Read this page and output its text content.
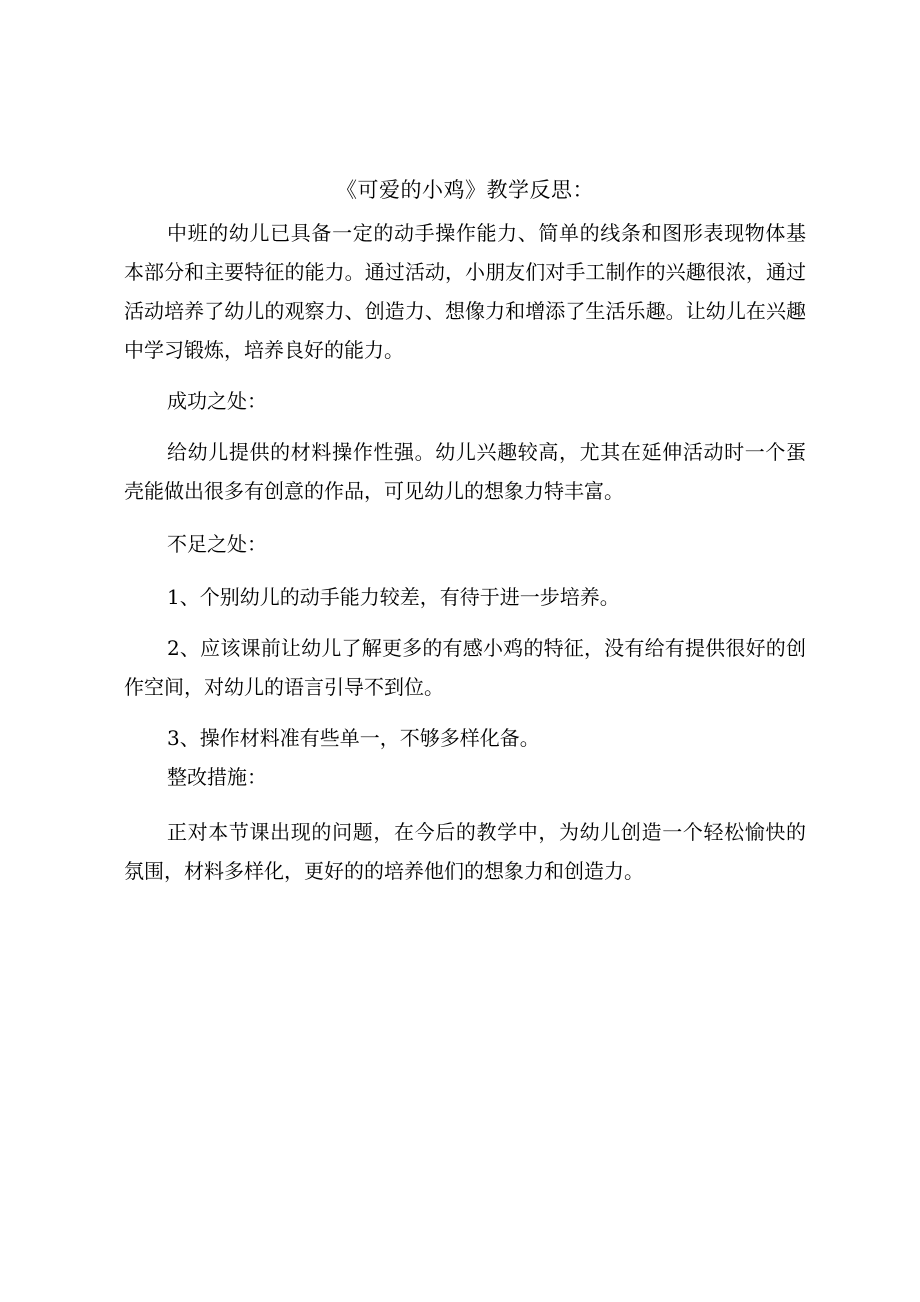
《可爱的小鸡》教学反思：

中班的幼儿已具备一定的动手操作能力、简单的线条和图形表现物体基本部分和主要特征的能力。通过活动，小朋友们对手工制作的兴趣很浓，通过活动培养了幼儿的观察力、创造力、想像力和增添了生活乐趣。让幼儿在兴趣中学习锻炼，培养良好的能力。

成功之处：

给幼儿提供的材料操作性强。幼儿兴趣较高，尤其在延伸活动时一个蛋壳能做出很多有创意的作品，可见幼儿的想象力特丰富。

不足之处：

1、个别幼儿的动手能力较差，有待于进一步培养。

2、应该课前让幼儿了解更多的有感小鸡的特征，没有给有提供很好的创作空间，对幼儿的语言引导不到位。

3、操作材料准有些单一，不够多样化备。

整改措施：

正对本节课出现的问题，在今后的教学中，为幼儿创造一个轻松愉快的氛围，材料多样化，更好的的培养他们的想象力和创造力。
